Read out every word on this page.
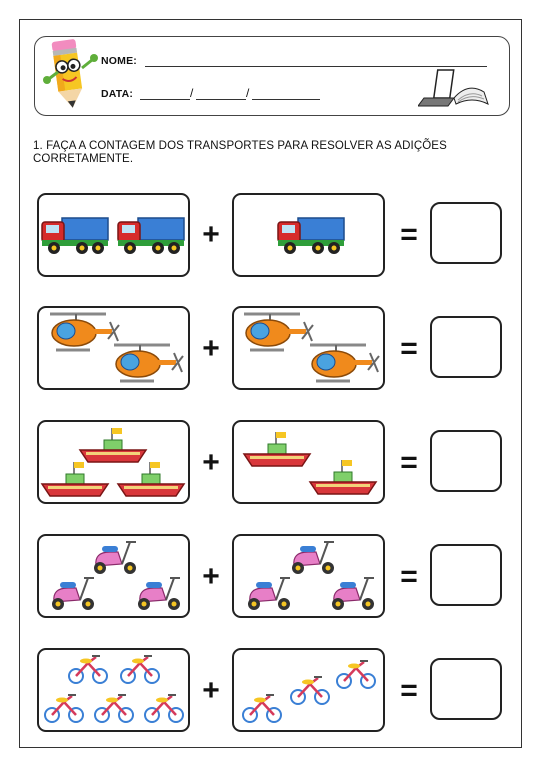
NOME:
DATA:	/	/
1. FAÇA A CONTAGEM DOS TRANSPORTES PARA RESOLVER AS ADIÇÕES CORRETAMENTE.
+	=
+	=
+	=
+	=
+	=
